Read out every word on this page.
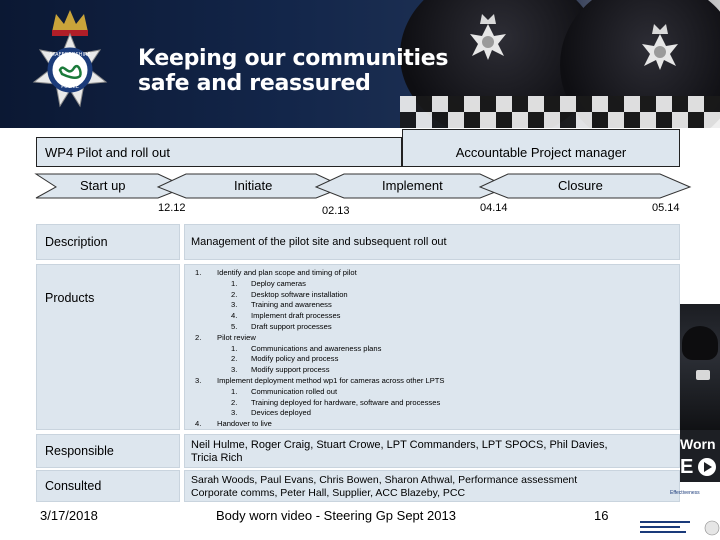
STAFFORDSHIRE
POLICE
Keeping our communities
safe and reassured
WP4 Pilot and roll out	Accountable Project manager
Start up	Initiate	Implement	Closure
12.12	02.13	04.14	05.14
Description	Management of the pilot site and subsequent roll out
Products
1. Identify and plan scope and timing of pilot
1. Deploy cameras
2. Desktop software installation
3. Training and awareness
4. Implement draft processes
5. Draft support processes
2. Pilot review
1. Communications and awareness plans
2. Modify policy and process
3. Modify support process
3. Implement deployment method wp1 for cameras across other LPTS
1. Communication rolled out
2. Training deployed for hardware, software and processes
3. Devices deployed
4. Handover to live
Responsible	Neil Hulme, Roger Craig, Stuart Crowe, LPT Commanders, LPT SPOCS, Phil Davies,
Tricia Rich
Consulted	Sarah Woods, Paul Evans, Chris Bowen, Sharon Athwal, Performance assessment
Corporate comms, Peter Hall, Supplier, ACC Blazeby, PCC
Worn
E
Effectiveness
3/17/2018	Body worn video - Steering Gp Sept 2013	16
